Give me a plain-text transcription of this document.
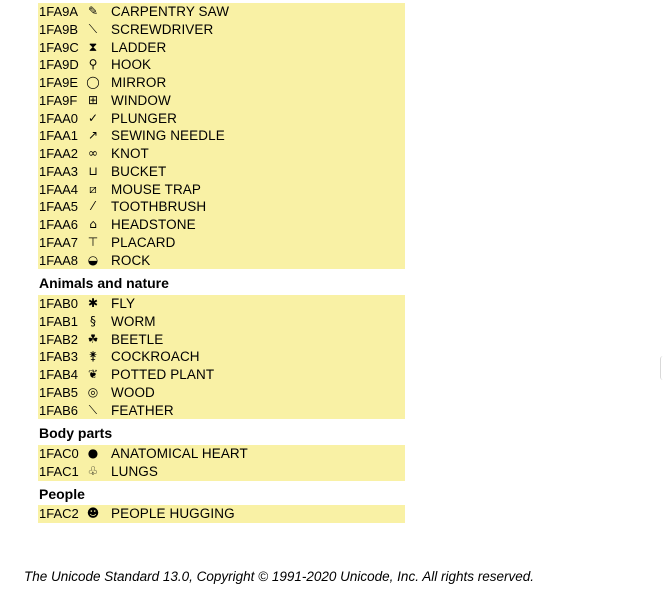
1FA9A ✎ CARPENTRY SAW
1FA9B ⟍ SCREWDRIVER
1FA9C ⧗ LADDER
1FA9D ⚲ HOOK
1FA9E ◯ MIRROR
1FA9F ⊞ WINDOW
1FAA0 ✓ PLUNGER
1FAA1 ↗ SEWING NEEDLE
1FAA2 ∞ KNOT
1FAA3 ⊔ BUCKET
1FAA4 ⧄	MOUSE TRAP
1FAA5	⁄	TOOTHBRUSH
1FAA6 ⌂	HEADSTONE
1FAA7 ⊤ PLACARD
1FAA8 ◒ ROCK
Animals and nature
1FAB0 ✱ FLY
1FAB1 §	WORM
1FAB2 ☘ BEETLE
1FAB3 ⚵ COCKROACH
1FAB4 ❦ POTTED PLANT
1FAB5 ◎ WOOD
1FAB6 ⟍ FEATHER
Body parts
1FAC0 ● ANATOMICAL HEART
1FAC1 ♧ LUNGS
People
1FAC2 ☻ PEOPLE HUGGING
The Unicode Standard 13.0, Copyright © 1991-2020 Unicode, Inc. All rights reserved.
